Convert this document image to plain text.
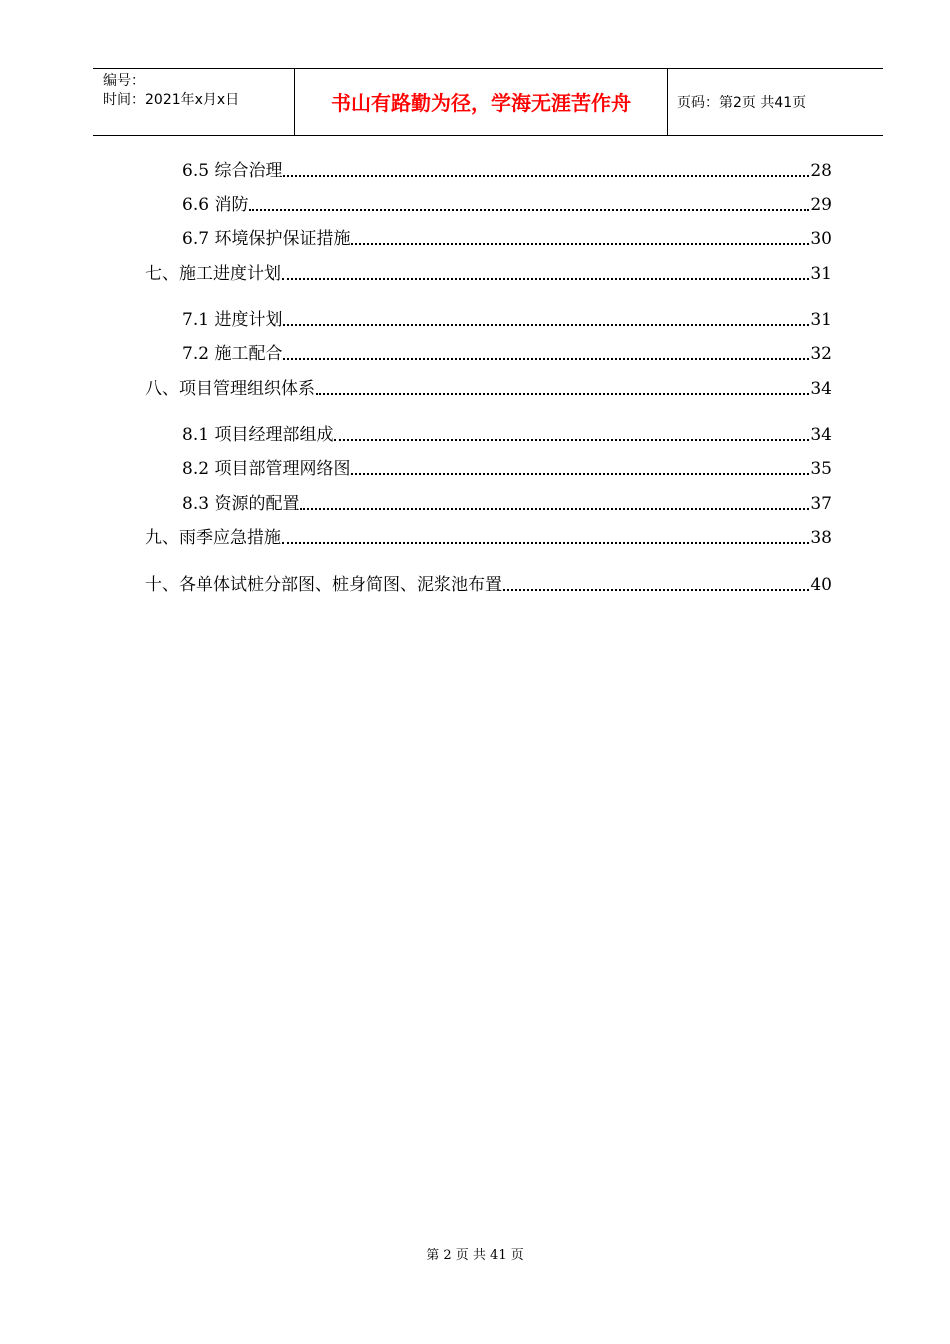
编号：
时间：2021年x月x日	书山有路勤为径，学海无涯苦作舟	页码：第2页 共41页
6.5 综合治理	28
6.6 消防	29
6.7 环境保护保证措施	30
七、施工进度计划	31
7.1 进度计划	31
7.2 施工配合	32
八、项目管理组织体系	34
8.1 项目经理部组成	34
8.2 项目部管理网络图	35
8.3 资源的配置	37
九、雨季应急措施	38
十、各单体试桩分部图、桩身简图、泥浆池布置	40
第 2 页 共 41 页
